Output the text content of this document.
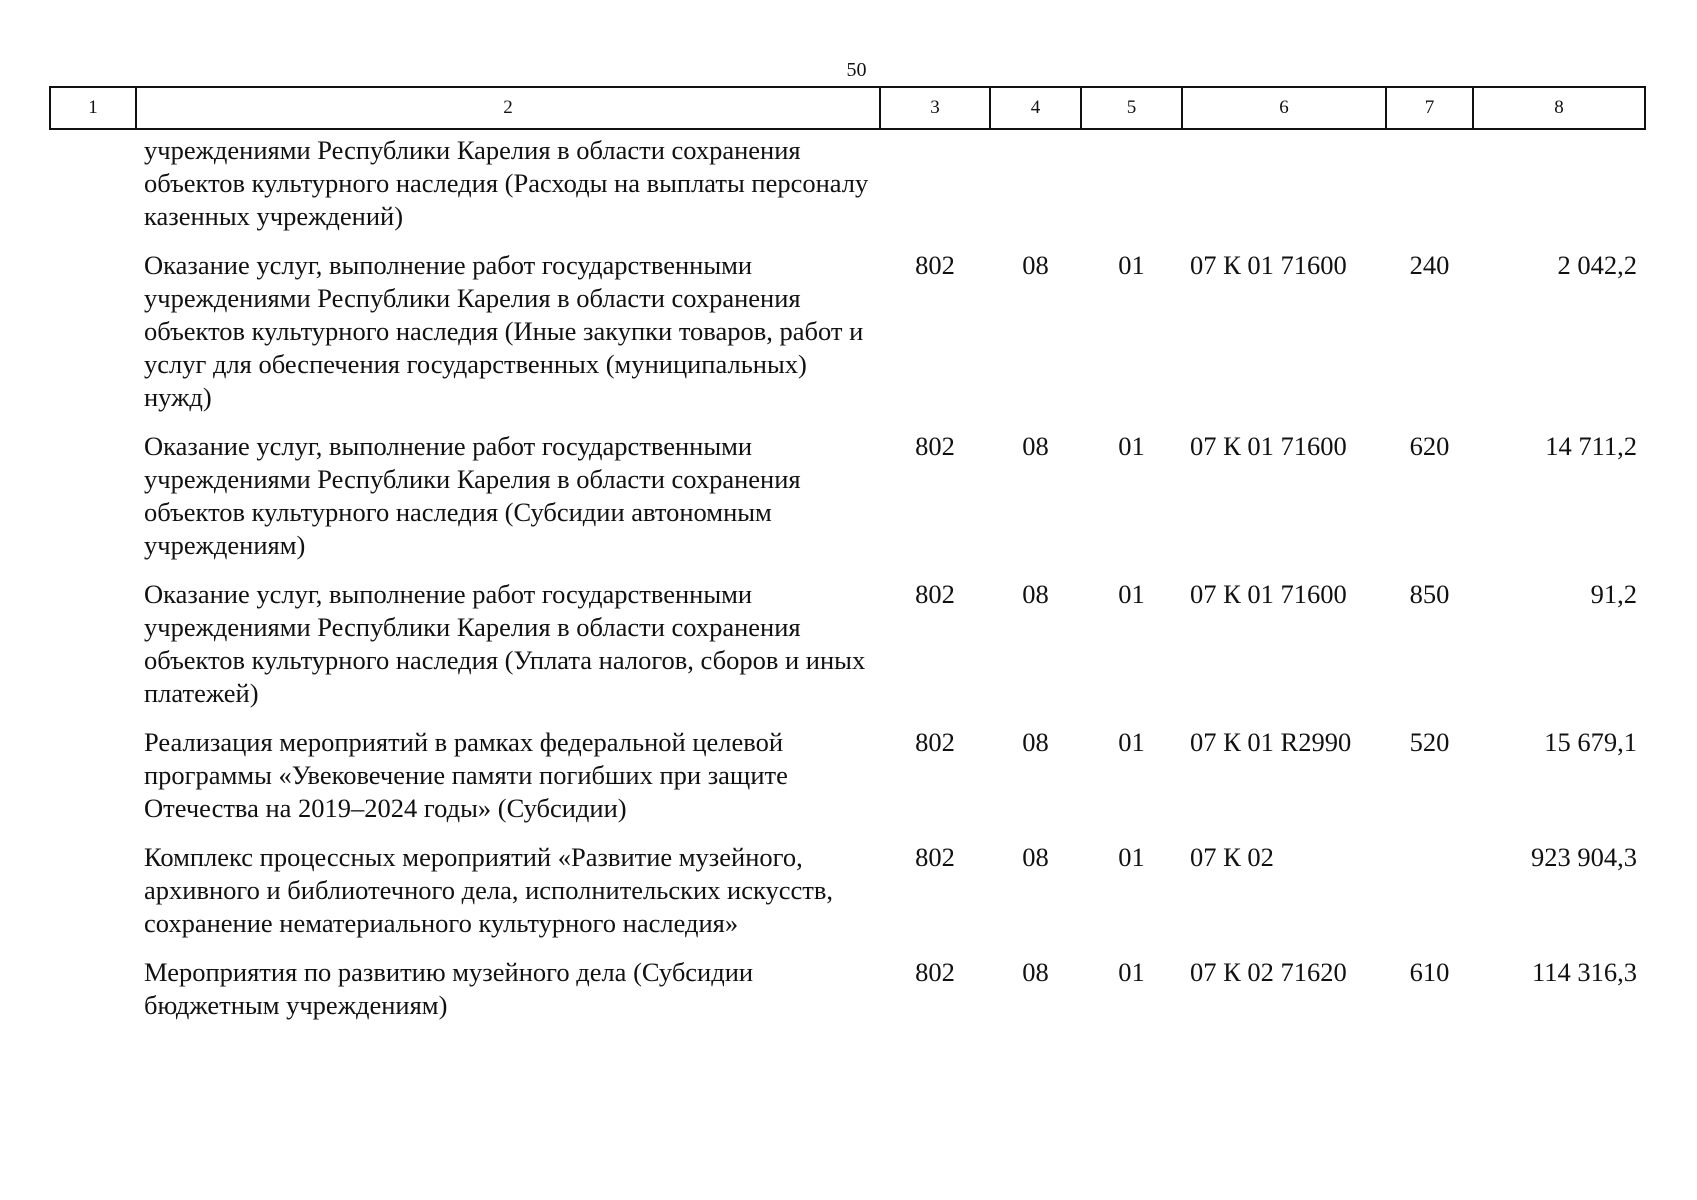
50
1	2	3	4	5	6	7	8
	учреждениями Республики Карелия в области сохранения объектов культурного наследия (Расходы на выплаты персоналу казенных учреждений)						
	Оказание услуг, выполнение работ государственными учреждениями Республики Карелия в области сохранения объектов культурного наследия (Иные закупки товаров, работ и услуг для обеспечения государственных (муниципальных) нужд)	802	08	01	07 К 01 71600	240	2 042,2
	Оказание услуг, выполнение работ государственными учреждениями Республики Карелия в области сохранения объектов культурного наследия (Субсидии автономным учреждениям)	802	08	01	07 К 01 71600	620	14 711,2
	Оказание услуг, выполнение работ государственными учреждениями Республики Карелия в области сохранения объектов культурного наследия (Уплата налогов, сборов и иных платежей)	802	08	01	07 К 01 71600	850	91,2
	Реализация мероприятий в рамках федеральной целевой программы «Увековечение памяти погибших при защите Отечества на 2019–2024 годы» (Субсидии)	802	08	01	07 К 01 R2990	520	15 679,1
	Комплекс процессных мероприятий «Развитие музейного, архивного и библиотечного дела, исполнительских искусств, сохранение нематериального культурного наследия»	802	08	01	07 К 02		923 904,3
	Мероприятия по развитию музейного дела (Субсидии бюджетным учреждениям)	802	08	01	07 К 02 71620	610	114 316,3
